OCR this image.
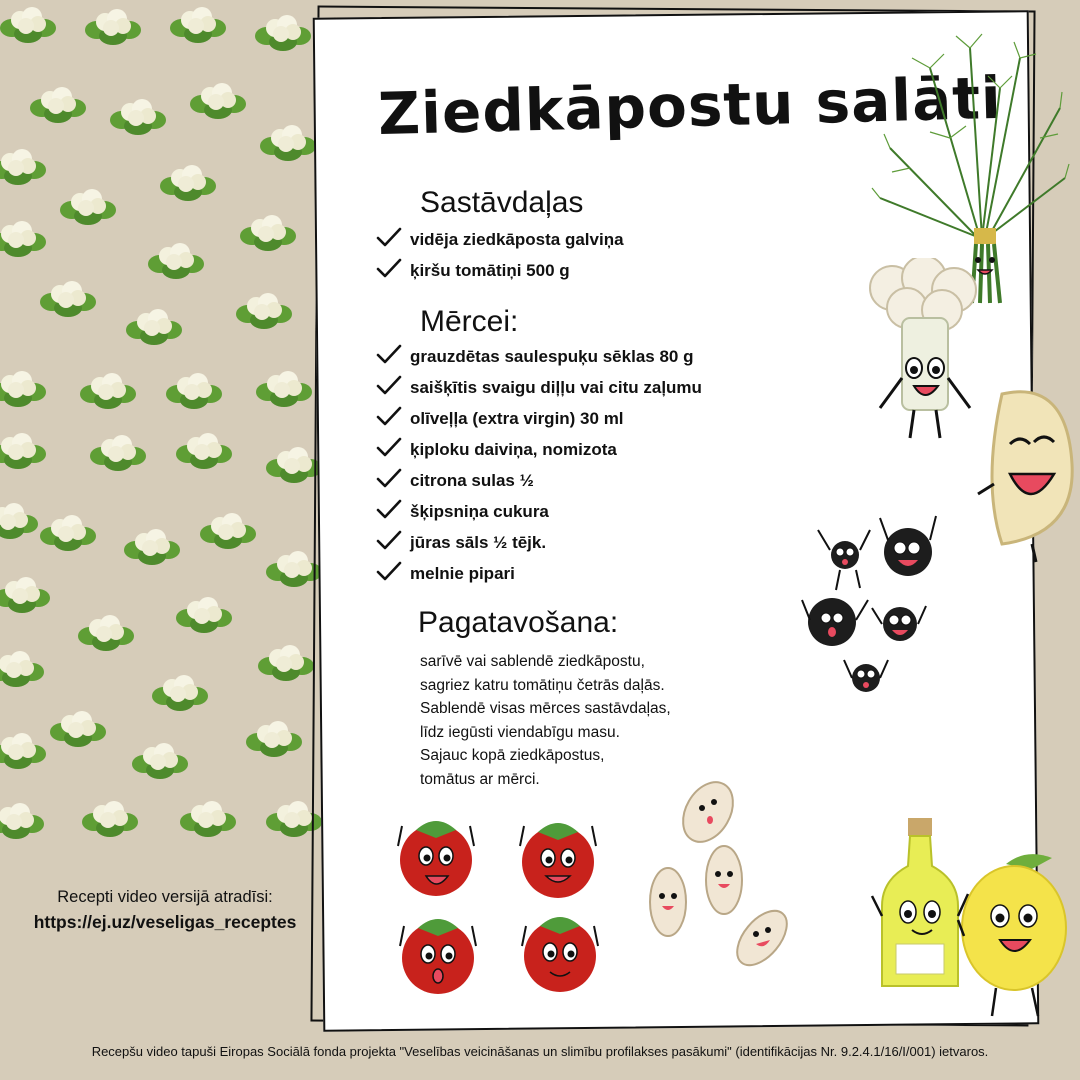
Ziedkāpostu salāti
Sastāvdaļas
vidēja ziedkāposta galviņa
ķiršu tomātiņi 500 g
Mērcei:
grauzdētas saulespuķu sēklas 80 g
saišķītis svaigu diļļu vai citu zaļumu
olīveļļa (extra virgin) 30 ml
ķiploku daiviņa, nomizota
citrona sulas ½
šķipsniņa cukura
jūras sāls ½ tējk.
melnie pipari
Pagatavošana:
sarīvē vai sablendē ziedkāpostu,
sagriez katru tomātiņu četrās daļās.
Sablendē visas mērces sastāvdaļas,
līdz iegūsti viendabīgu masu.
Sajauc kopā ziedkāpostus,
tomātus ar mērci.
Recepti video versijā atradīsi:
https://ej.uz/veseligas_receptes
Recepšu video tapuši Eiropas Sociālā fonda projekta "Veselības veicināšanas un slimību profilakses pasākumi" (identifikācijas Nr. 9.2.4.1/16/I/001) ietvaros.
